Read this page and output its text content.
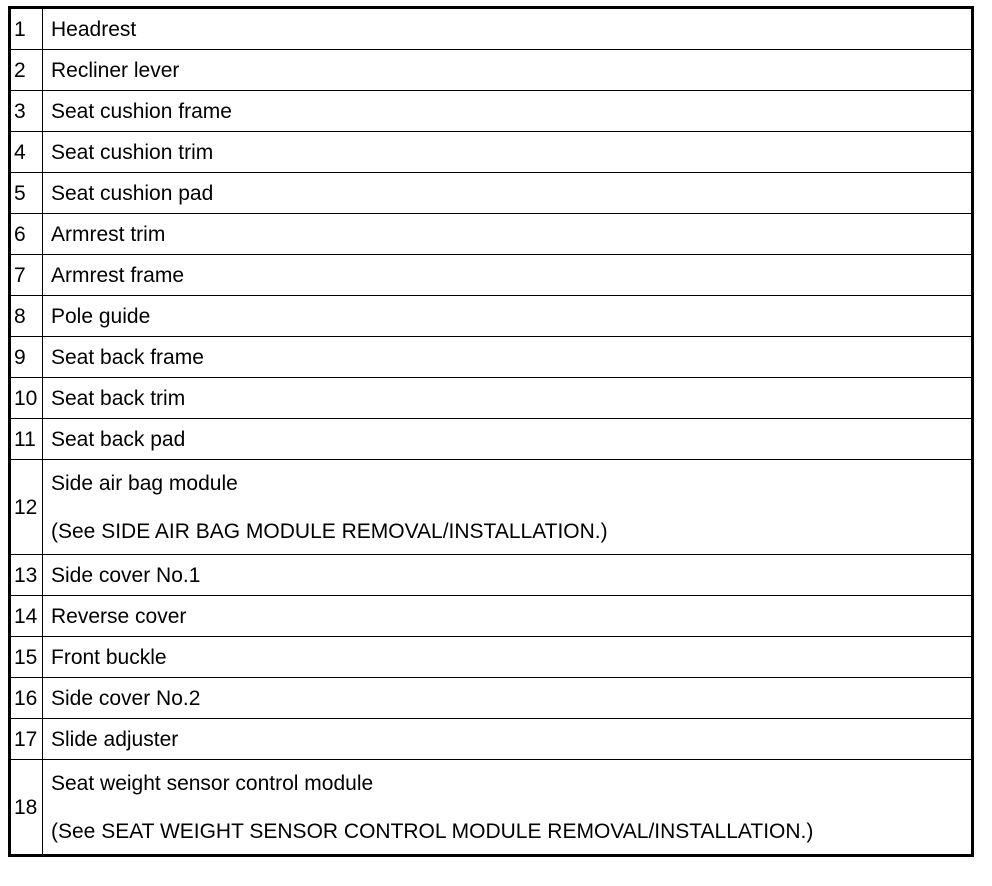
1	Headrest
2	Recliner lever
3	Seat cushion frame
4	Seat cushion trim
5	Seat cushion pad
6	Armrest trim
7	Armrest frame
8	Pole guide
9	Seat back frame
10	Seat back trim
11	Seat back pad
12	Side air bag module
(See SIDE AIR BAG MODULE REMOVAL/INSTALLATION.)

13	Side cover No.1
14	Reverse cover
15	Front buckle
16	Side cover No.2
17	Slide adjuster
18	Seat weight sensor control module
(See SEAT WEIGHT SENSOR CONTROL MODULE REMOVAL/INSTALLATION.)
